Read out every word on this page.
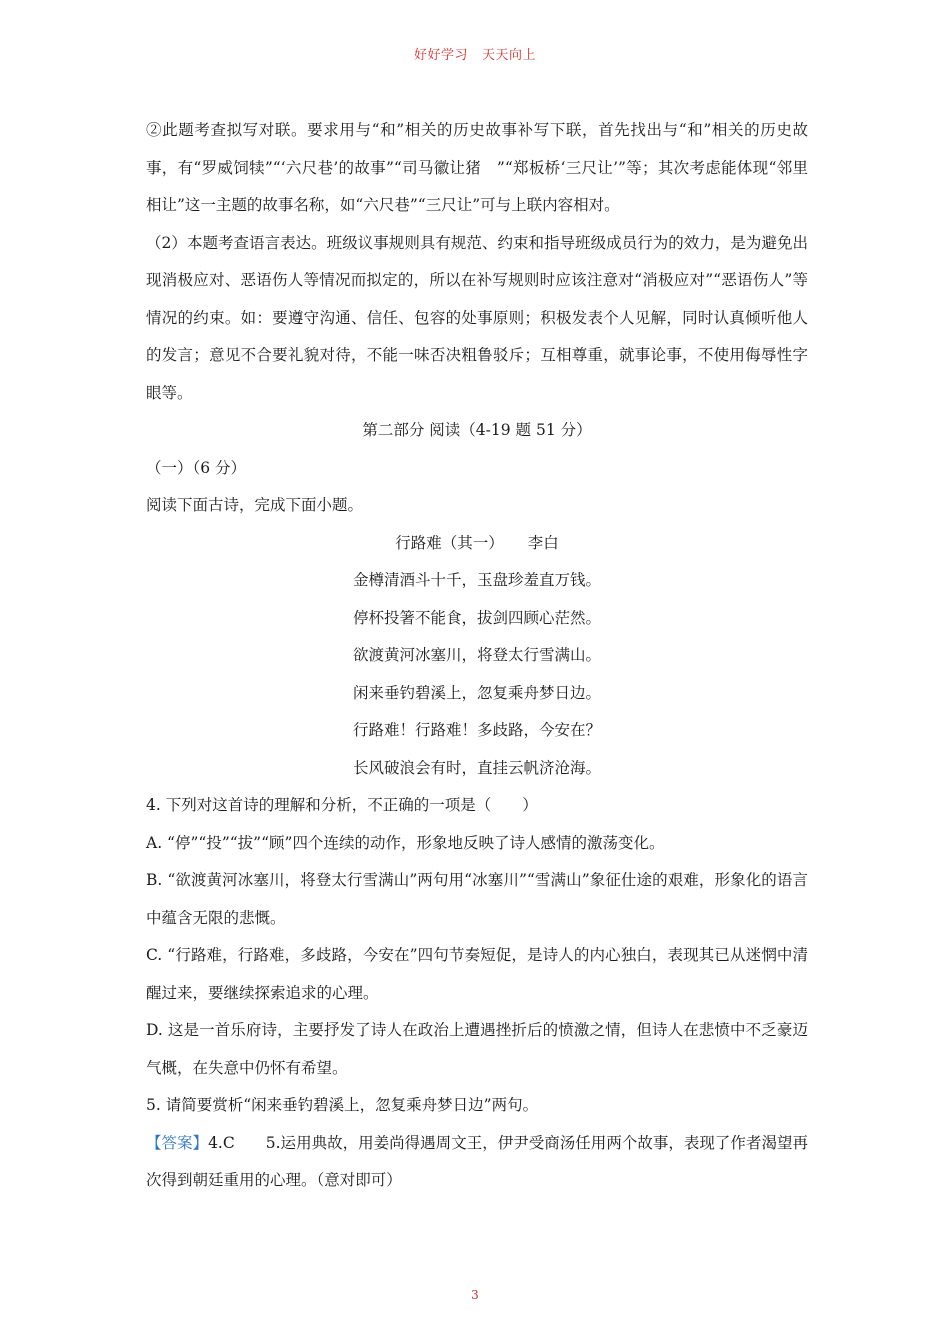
好好学习 天天向上

②此题考查拟写对联。要求用与“和”相关的历史故事补写下联，首先找出与“和”相关的历史故事，有“罗威饲犊”“‘六尺巷’的故事”“司马徽让猪　”“郑板桥‘三尺让’”等；其次考虑能体现“邻里相让”这一主题的故事名称，如“六尺巷”“三尺让”可与上联内容相对。

（2）本题考查语言表达。班级议事规则具有规范、约束和指导班级成员行为的效力，是为避免出现消极应对、恶语伤人等情况而拟定的，所以在补写规则时应该注意对“消极应对”“恶语伤人”等情况的约束。如：要遵守沟通、信任、包容的处事原则；积极发表个人见解，同时认真倾听他人的发言；意见不合要礼貌对待，不能一味否决粗鲁驳斥；互相尊重，就事论事，不使用侮辱性字眼等。

第二部分 阅读（4-19 题 51 分）

（一）（6 分）

阅读下面古诗，完成下面小题。

行路难（其一） 李白

金樽清酒斗十千，玉盘珍羞直万钱。

停杯投箸不能食，拔剑四顾心茫然。

欲渡黄河冰塞川，将登太行雪满山。

闲来垂钓碧溪上，忽复乘舟梦日边。

行路难！行路难！多歧路，今安在？

长风破浪会有时，直挂云帆济沧海。

4. 下列对这首诗的理解和分析，不正确的一项是（　　）

A. “停”“投”“拔”“顾”四个连续的动作，形象地反映了诗人感情的激荡变化。

B. “欲渡黄河冰塞川，将登太行雪满山”两句用“冰塞川”“雪满山”象征仕途的艰难，形象化的语言中蕴含无限的悲慨。

C. “行路难，行路难，多歧路，今安在”四句节奏短促，是诗人的内心独白，表现其已从迷惘中清醒过来，要继续探索追求的心理。

D. 这是一首乐府诗，主要抒发了诗人在政治上遭遇挫折后的愤激之情，但诗人在悲愤中不乏豪迈气概，在失意中仍怀有希望。

5. 请简要赏析“闲来垂钓碧溪上，忽复乘舟梦日边”两句。

【答案】4.C　　5.运用典故，用姜尚得遇周文王，伊尹受商汤任用两个故事，表现了作者渴望再次得到朝廷重用的心理。（意对即可）

3
